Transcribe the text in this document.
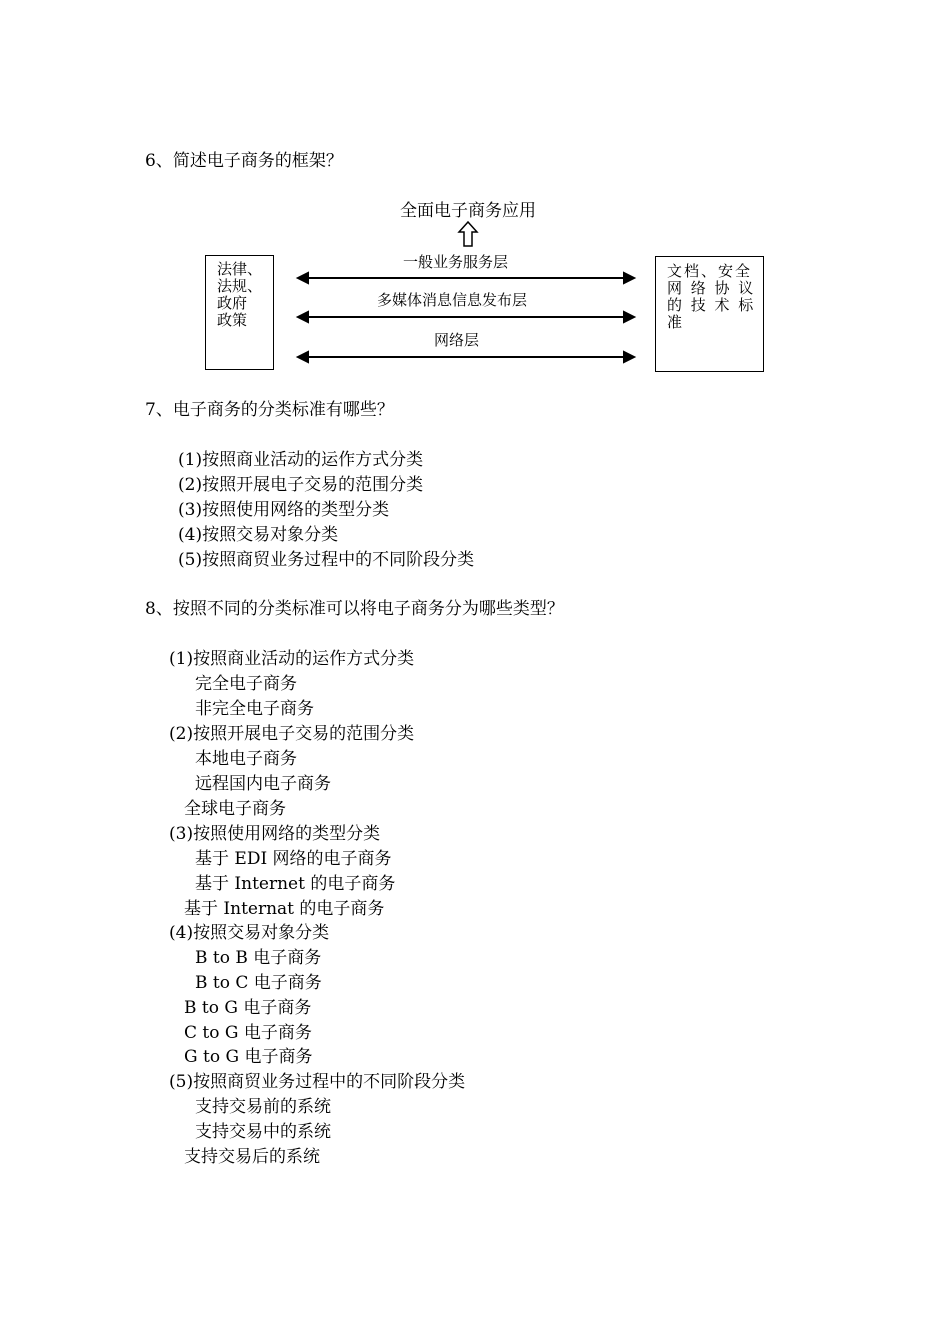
6、简述电子商务的框架？
全面电子商务应用
法律、
法规、
政府
政策
文档、安全
网 络 协 议
的 技 术 标
准
一般业务服务层
多媒体消息信息发布层
网络层
7、电子商务的分类标准有哪些？
(1)按照商业活动的运作方式分类
(2)按照开展电子交易的范围分类
(3)按照使用网络的类型分类
(4)按照交易对象分类
(5)按照商贸业务过程中的不同阶段分类
8、按照不同的分类标准可以将电子商务分为哪些类型？
(1)按照商业活动的运作方式分类
完全电子商务
非完全电子商务
(2)按照开展电子交易的范围分类
本地电子商务
远程国内电子商务
全球电子商务
(3)按照使用网络的类型分类
基于 EDI 网络的电子商务
基于 Internet 的电子商务
基于 Internat 的电子商务
(4)按照交易对象分类
B to B 电子商务
B to C 电子商务
B to G 电子商务
C to G 电子商务
G to G 电子商务
(5)按照商贸业务过程中的不同阶段分类
支持交易前的系统
支持交易中的系统
支持交易后的系统
